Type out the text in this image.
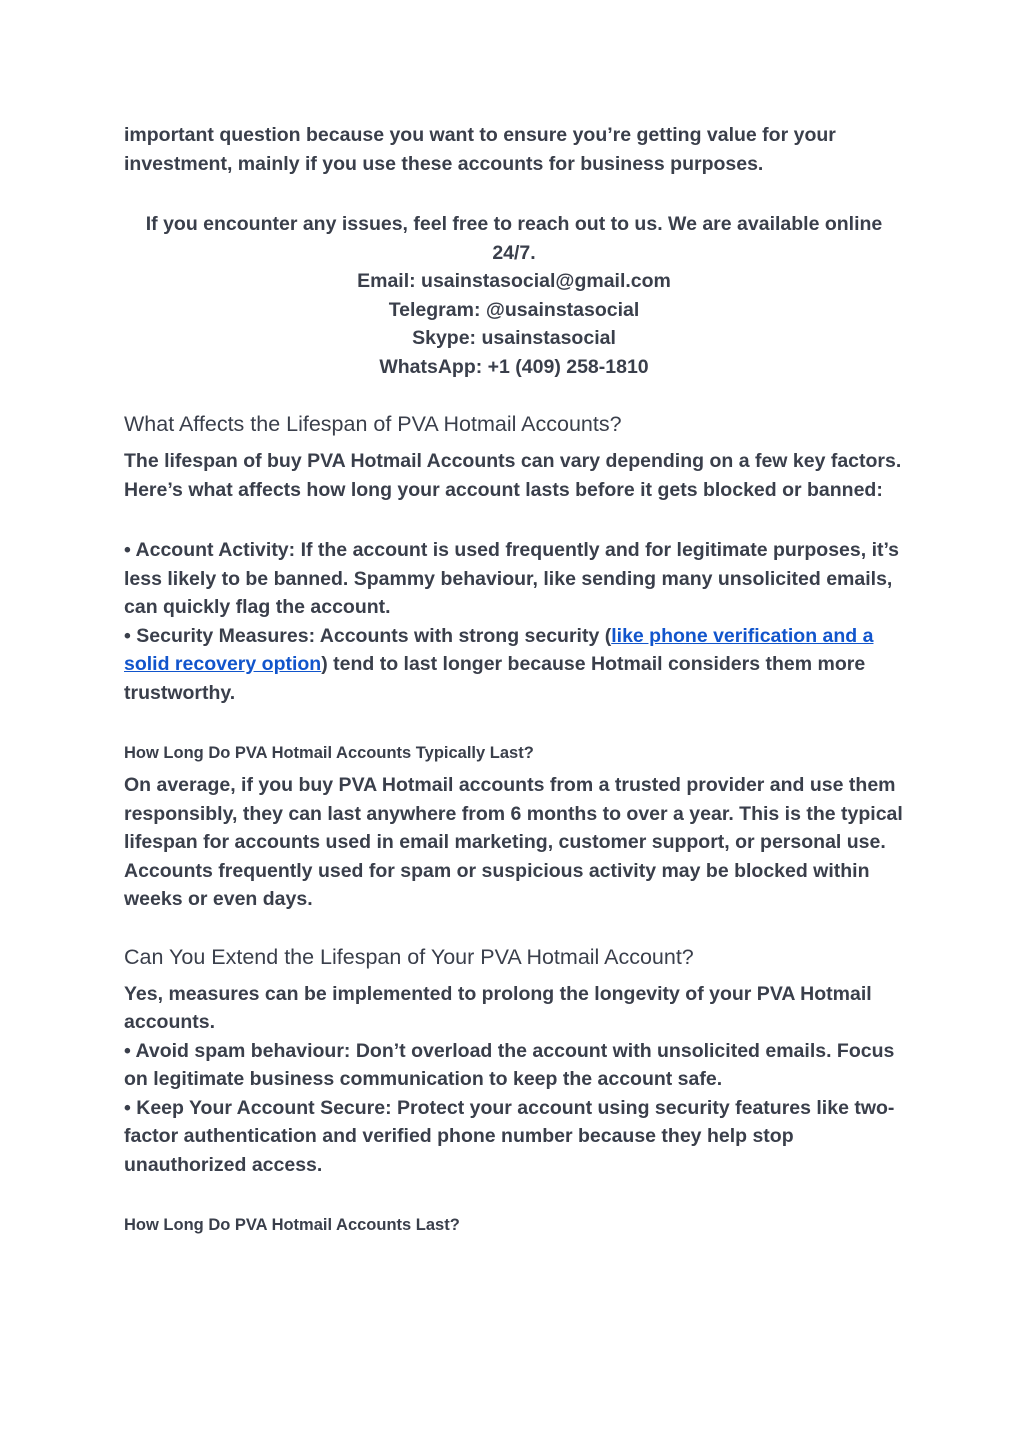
important question because you want to ensure you’re getting value for your investment, mainly if you use these accounts for business purposes.

If you encounter any issues, feel free to reach out to us. We are available online 24/7.

Email: usainstasocial@gmail.com

Telegram: @usainstasocial

Skype: usainstasocial

WhatsApp: +1 (409) 258-1810

What Affects the Lifespan of PVA Hotmail Accounts?

The lifespan of buy PVA Hotmail Accounts can vary depending on a few key factors. Here’s what affects how long your account lasts before it gets blocked or banned:

• Account Activity: If the account is used frequently and for legitimate purposes, it’s less likely to be banned. Spammy behaviour, like sending many unsolicited emails, can quickly flag the account.

• Security Measures: Accounts with strong security (like phone verification and a solid recovery option) tend to last longer because Hotmail considers them more trustworthy.

How Long Do PVA Hotmail Accounts Typically Last?

On average, if you buy PVA Hotmail accounts from a trusted provider and use them responsibly, they can last anywhere from 6 months to over a year. This is the typical lifespan for accounts used in email marketing, customer support, or personal use. Accounts frequently used for spam or suspicious activity may be blocked within weeks or even days.

Can You Extend the Lifespan of Your PVA Hotmail Account?

Yes, measures can be implemented to prolong the longevity of your PVA Hotmail accounts.

• Avoid spam behaviour: Don’t overload the account with unsolicited emails. Focus on legitimate business communication to keep the account safe.

• Keep Your Account Secure: Protect your account using security features like two-factor authentication and verified phone number because they help stop unauthorized access.

How Long Do PVA Hotmail Accounts Last?
